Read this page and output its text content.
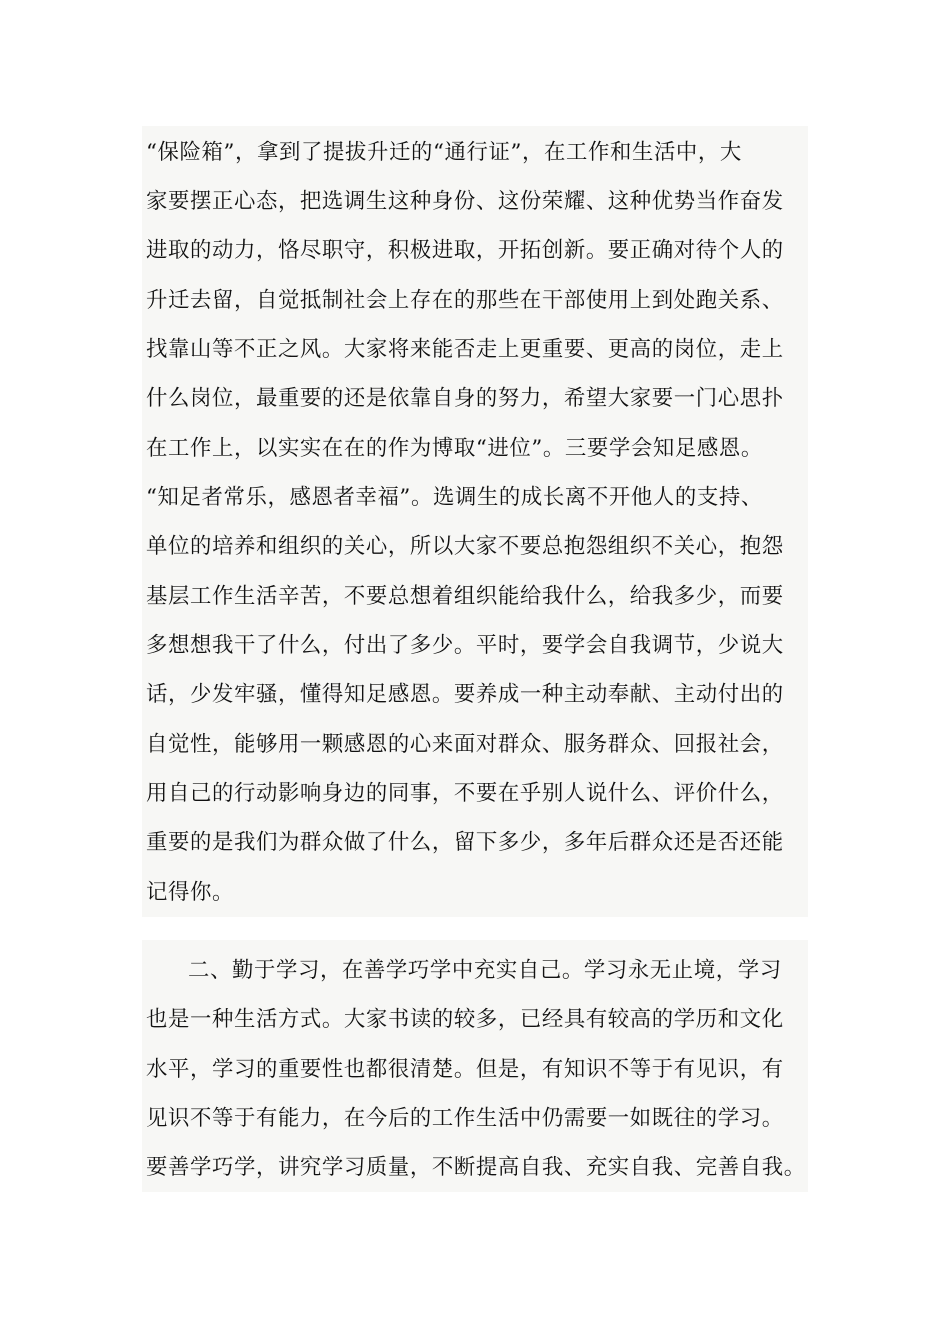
“保险箱”，拿到了提拔升迁的“通行证”，在工作和生活中，大
家要摆正心态，把选调生这种身份、这份荣耀、这种优势当作奋发
进取的动力，恪尽职守，积极进取，开拓创新。要正确对待个人的
升迁去留，自觉抵制社会上存在的那些在干部使用上到处跑关系、
找靠山等不正之风。大家将来能否走上更重要、更高的岗位，走上
什么岗位，最重要的还是依靠自身的努力，希望大家要一门心思扑
在工作上，以实实在在的作为博取“进位”。三要学会知足感恩。
“知足者常乐，感恩者幸福”。选调生的成长离不开他人的支持、
单位的培养和组织的关心，所以大家不要总抱怨组织不关心，抱怨
基层工作生活辛苦，不要总想着组织能给我什么，给我多少，而要
多想想我干了什么，付出了多少。平时，要学会自我调节，少说大
话，少发牢骚，懂得知足感恩。要养成一种主动奉献、主动付出的
自觉性，能够用一颗感恩的心来面对群众、服务群众、回报社会，
用自己的行动影响身边的同事，不要在乎别人说什么、评价什么，
重要的是我们为群众做了什么，留下多少，多年后群众还是否还能
记得你。
二、勤于学习，在善学巧学中充实自己。学习永无止境，学习
也是一种生活方式。大家书读的较多，已经具有较高的学历和文化
水平，学习的重要性也都很清楚。但是，有知识不等于有见识，有
见识不等于有能力，在今后的工作生活中仍需要一如既往的学习。
要善学巧学，讲究学习质量，不断提高自我、充实自我、完善自我。
